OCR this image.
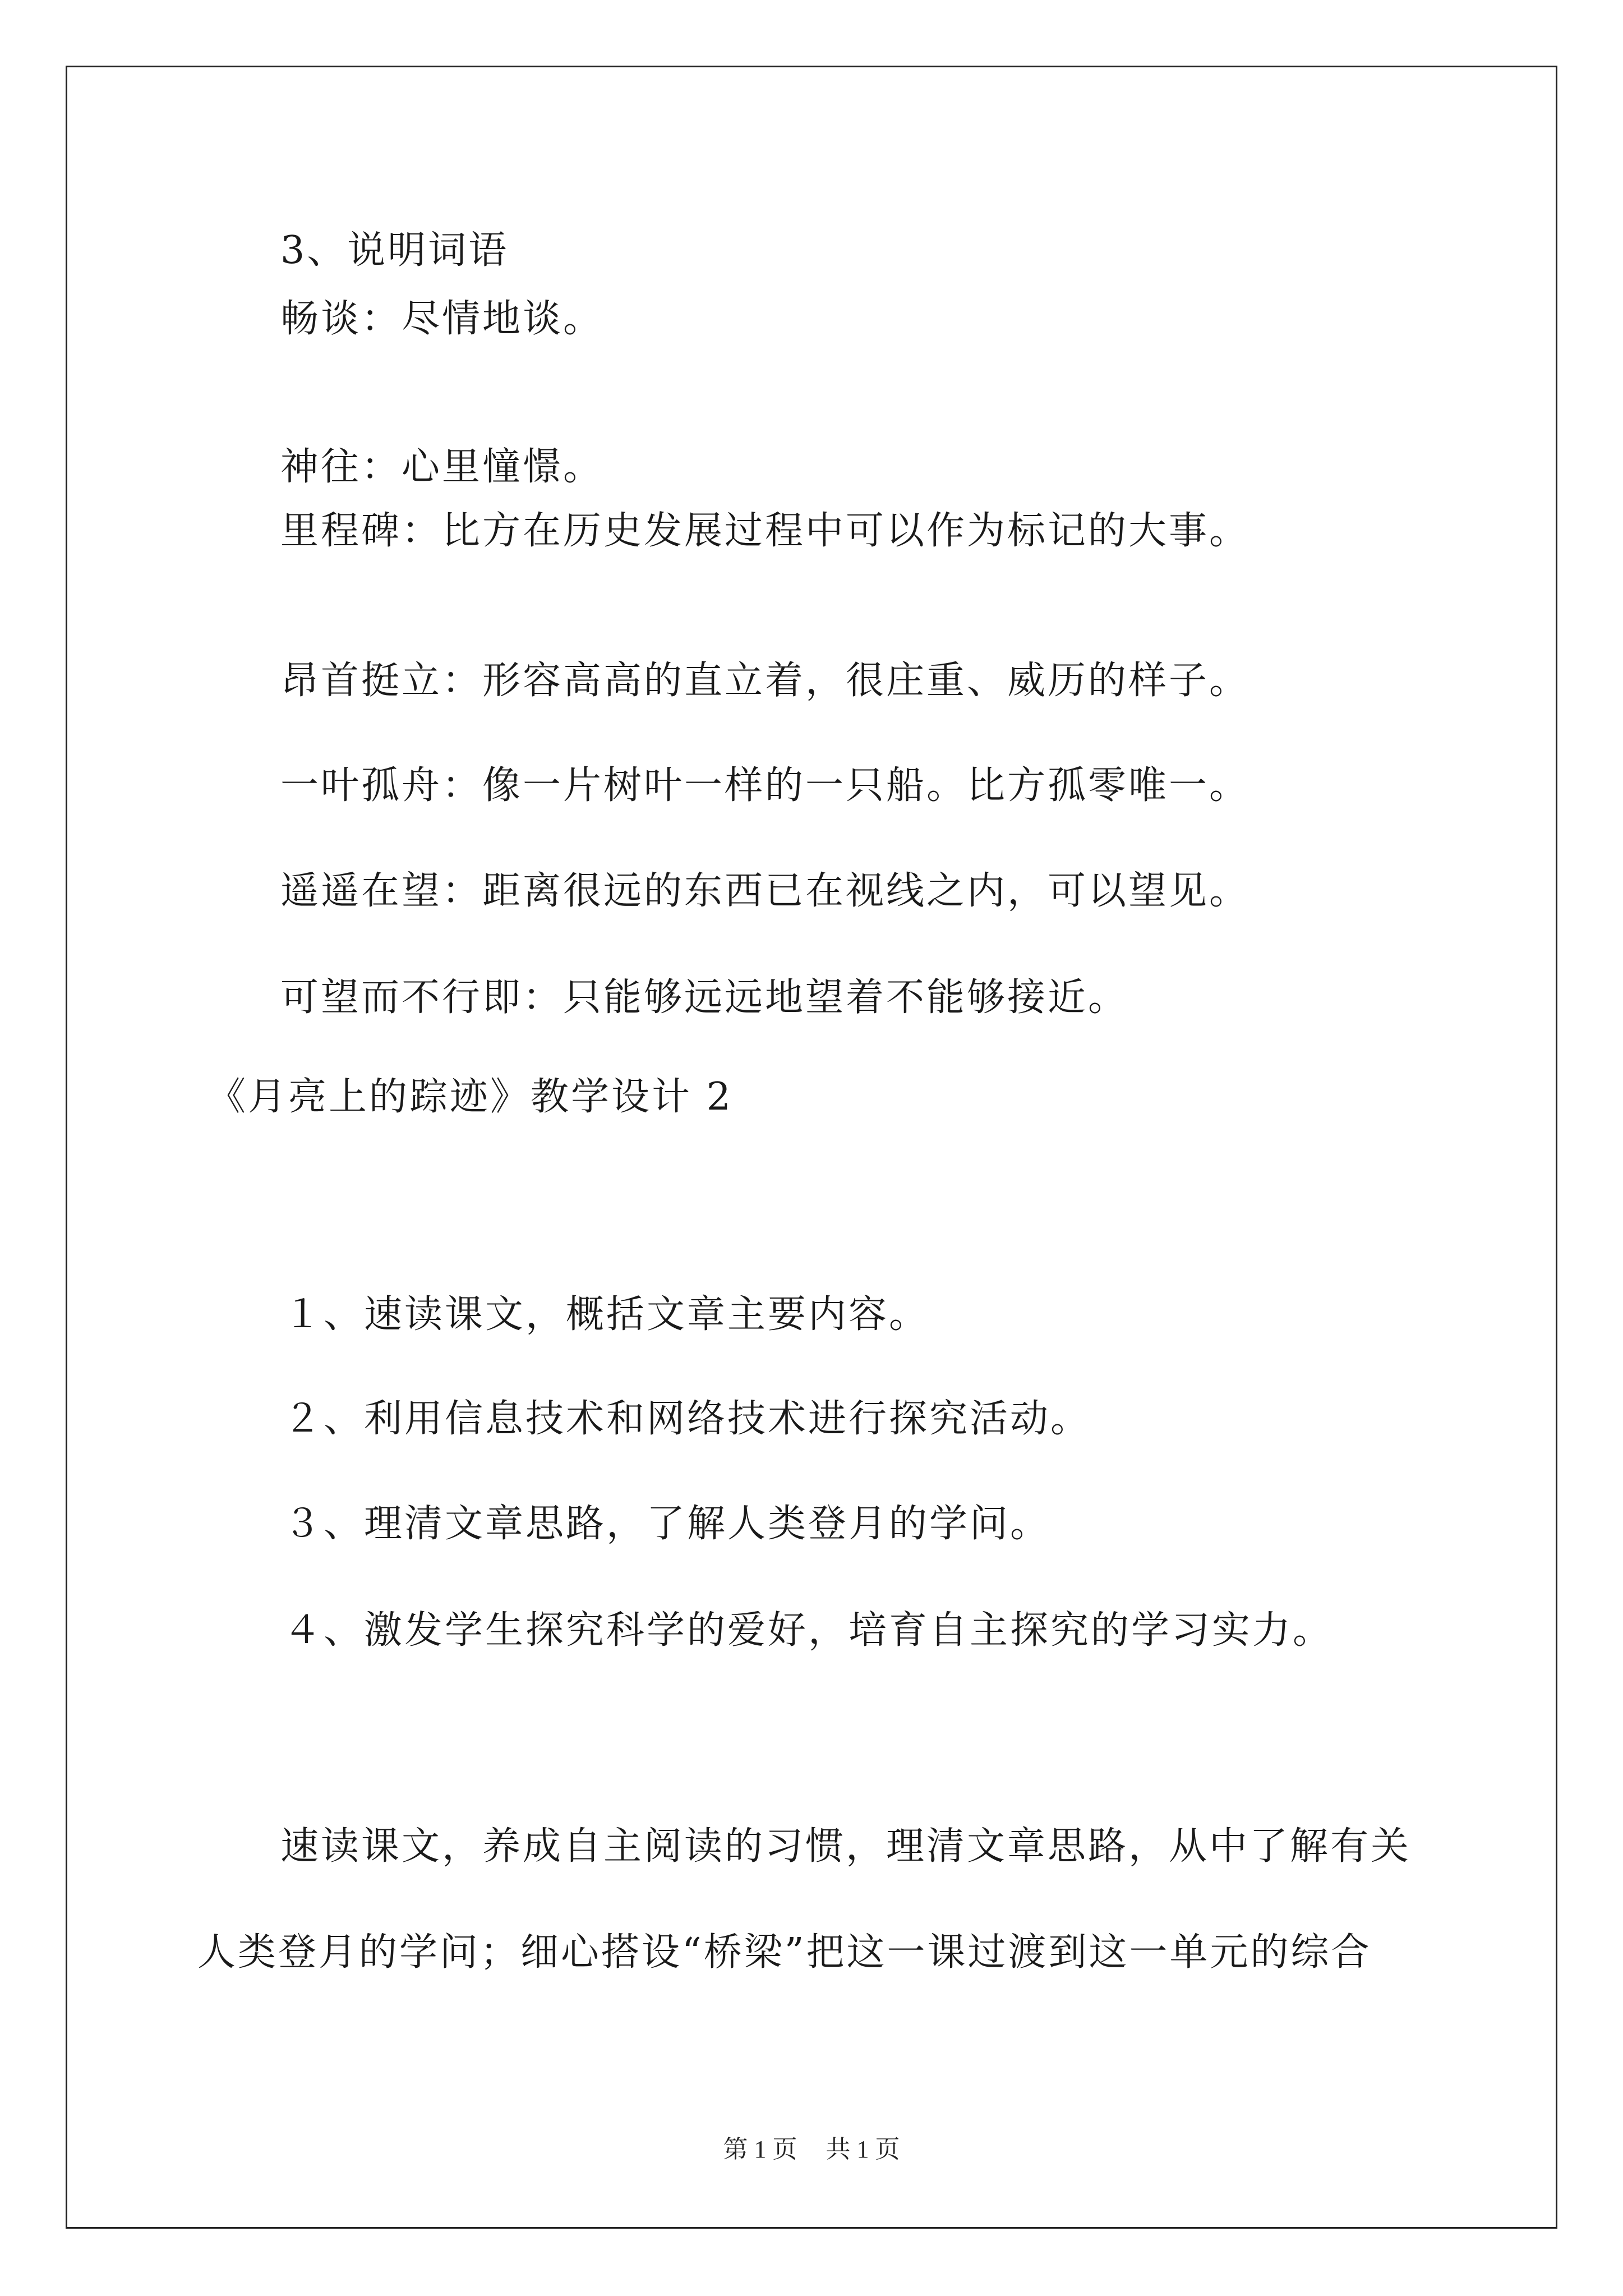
3、说明词语
畅谈：尽情地谈。
神往：心里憧憬。
里程碑：比方在历史发展过程中可以作为标记的大事。
昂首挺立：形容高高的直立着，很庄重、威历的样子。
一叶孤舟：像一片树叶一样的一只船。比方孤零唯一。
遥遥在望：距离很远的东西已在视线之内，可以望见。
可望而不行即：只能够远远地望着不能够接近。
《月亮上的踪迹》教学设计 2
１、速读课文，概括文章主要内容。
２、利用信息技术和网络技术进行探究活动。
３、理清文章思路，了解人类登月的学问。
４、激发学生探究科学的爱好，培育自主探究的学习实力。
速读课文，养成自主阅读的习惯，理清文章思路，从中了解有关
人类登月的学问；细心搭设“桥梁”把这一课过渡到这一单元的综合
第 1 页 共 1 页
